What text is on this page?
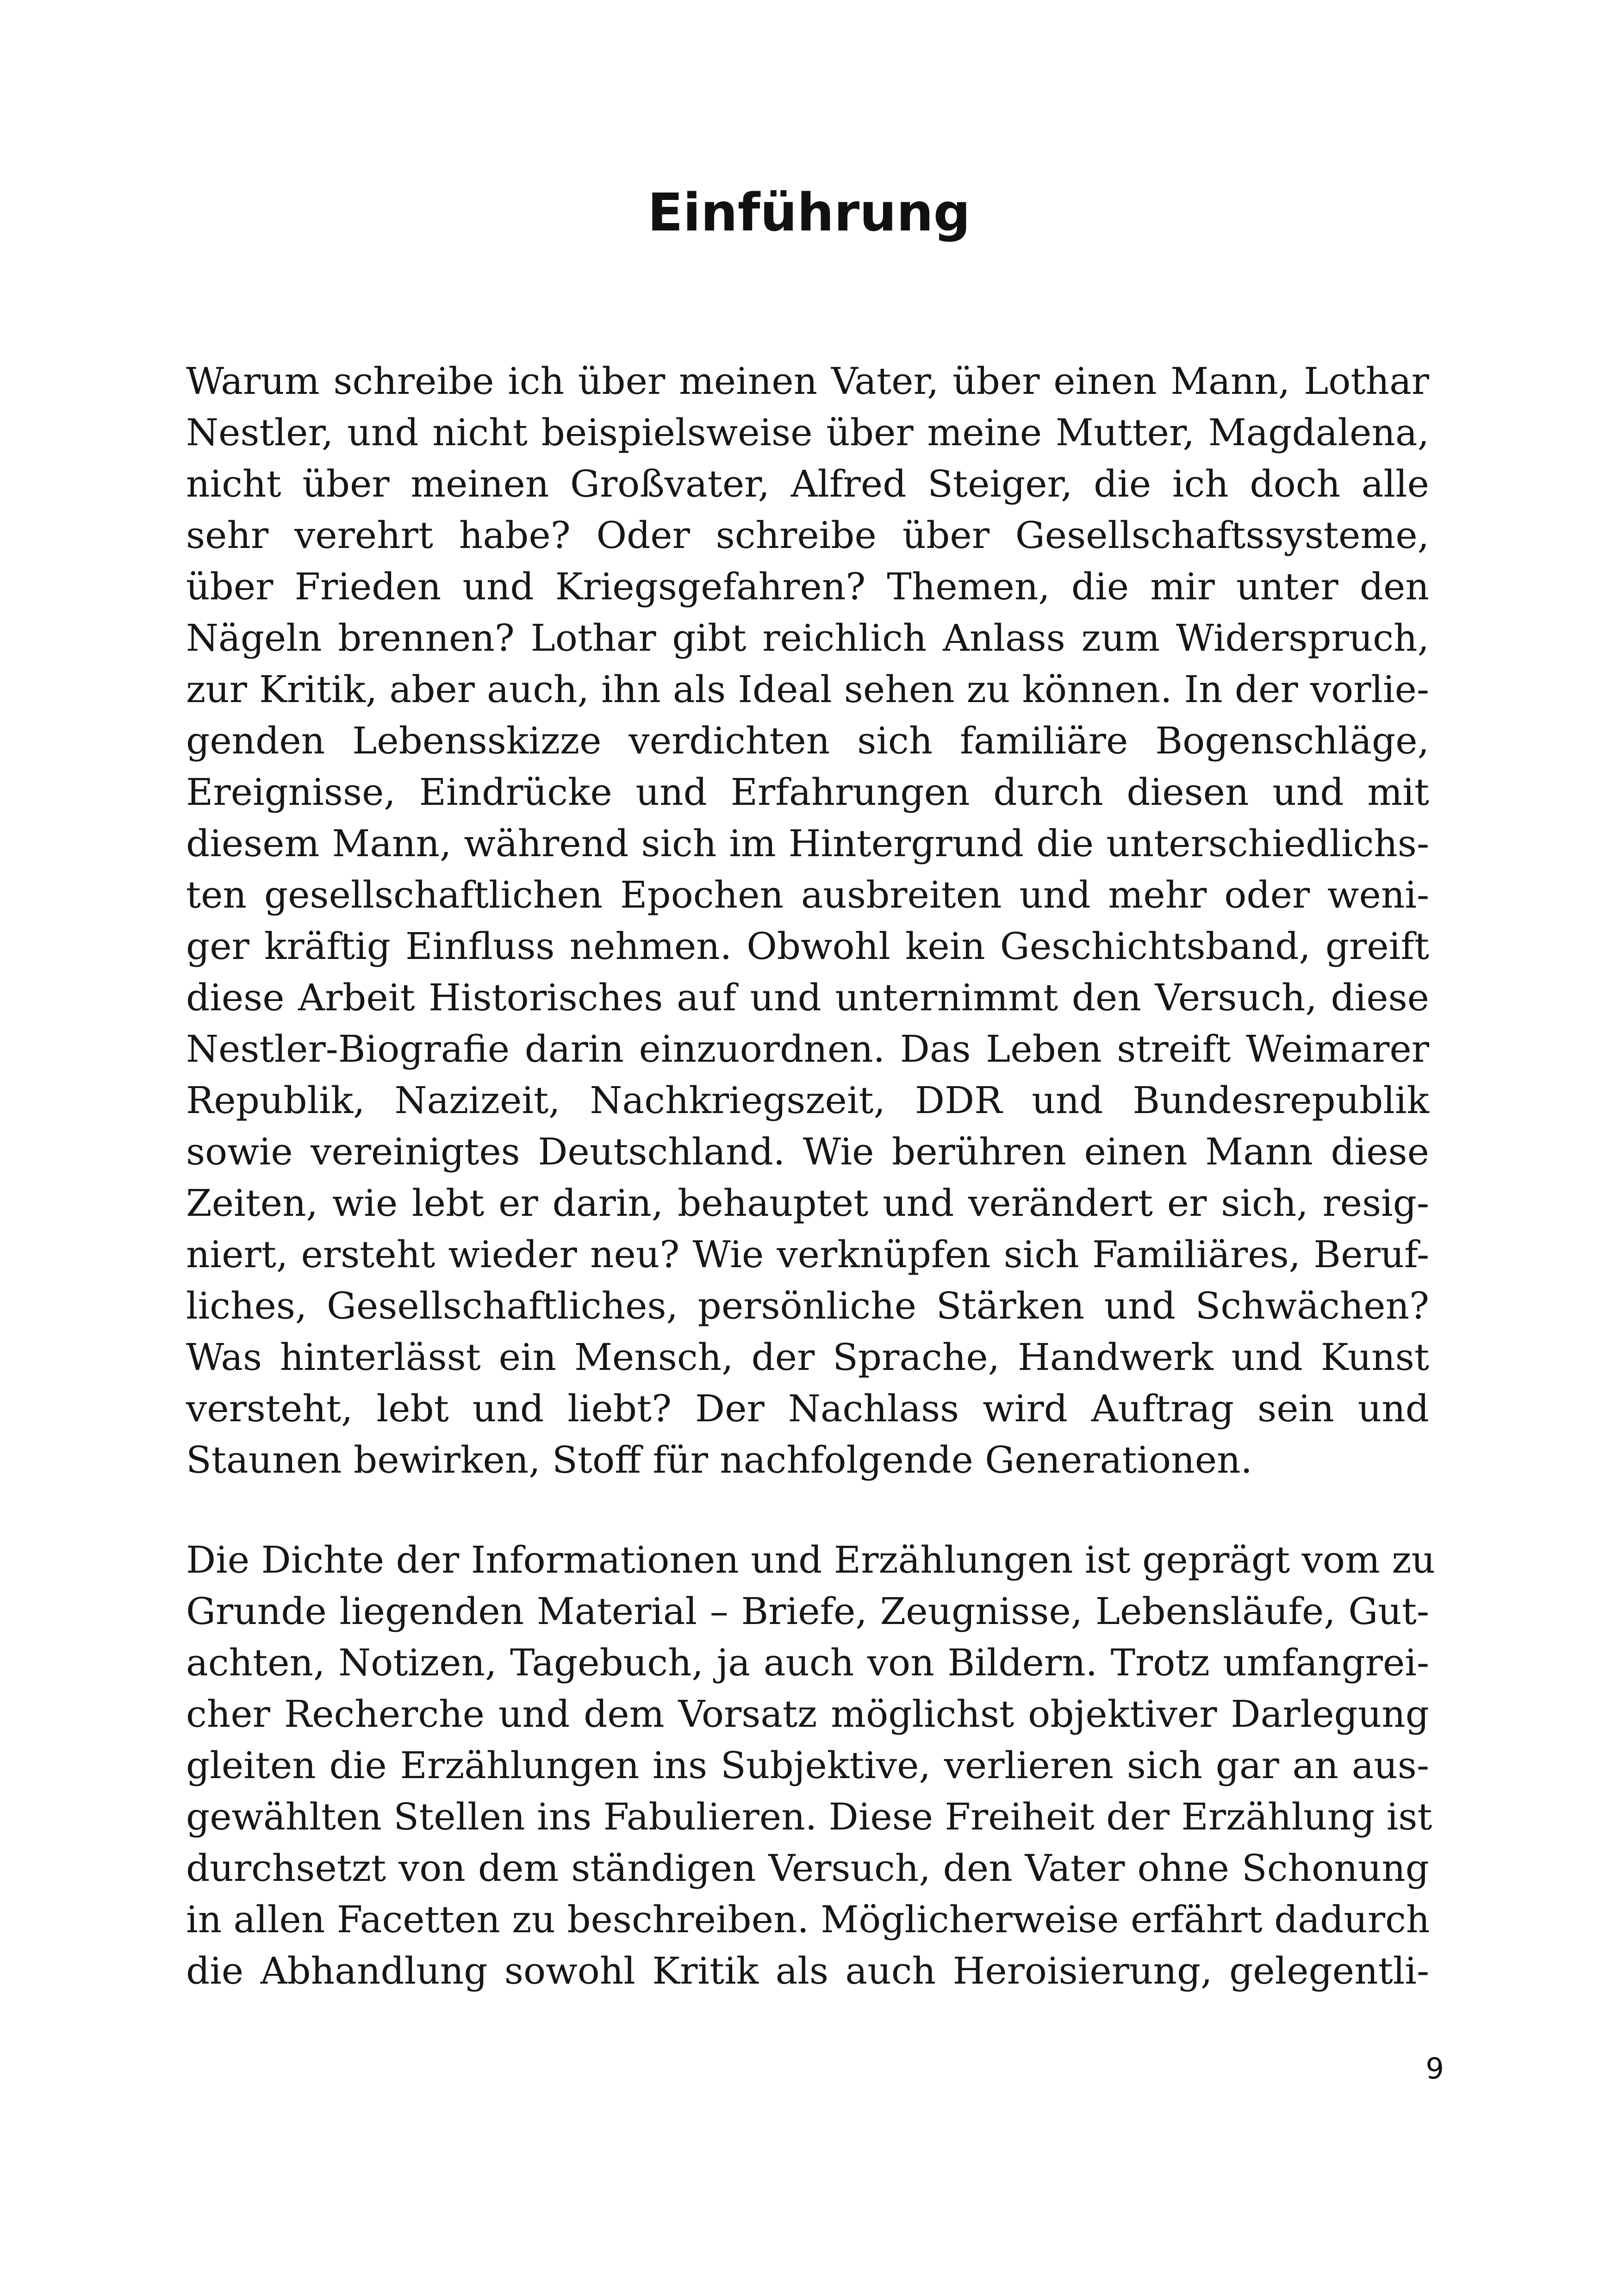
Einführung
Warum schreibe ich über meinen Vater, über einen Mann, Lothar
Nestler, und nicht beispielsweise über meine Mutter, Magdalena,
nicht über meinen Großvater, Alfred Steiger, die ich doch alle
sehr verehrt habe? Oder schreibe über Gesellschaftssysteme,
über Frieden und Kriegsgefahren? Themen, die mir unter den
Nägeln brennen? Lothar gibt reichlich Anlass zum Widerspruch,
zur Kritik, aber auch, ihn als Ideal sehen zu können. In der vorlie-
genden Lebensskizze verdichten sich familiäre Bogenschläge,
Ereignisse, Eindrücke und Erfahrungen durch diesen und mit
diesem Mann, während sich im Hintergrund die unterschiedlichs-
ten gesellschaftlichen Epochen ausbreiten und mehr oder weni-
ger kräftig Einfluss nehmen. Obwohl kein Geschichtsband, greift
diese Arbeit Historisches auf und unternimmt den Versuch, diese
Nestler-Biografie darin einzuordnen. Das Leben streift Weimarer
Republik, Nazizeit, Nachkriegszeit, DDR und Bundesrepublik
sowie vereinigtes Deutschland. Wie berühren einen Mann diese
Zeiten, wie lebt er darin, behauptet und verändert er sich, resig-
niert, ersteht wieder neu? Wie verknüpfen sich Familiäres, Beruf-
liches, Gesellschaftliches, persönliche Stärken und Schwächen?
Was hinterlässt ein Mensch, der Sprache, Handwerk und Kunst
versteht, lebt und liebt? Der Nachlass wird Auftrag sein und
Staunen bewirken, Stoff für nachfolgende Generationen.
Die Dichte der Informationen und Erzählungen ist geprägt vom zu
Grunde liegenden Material – Briefe, Zeugnisse, Lebensläufe, Gut-
achten, Notizen, Tagebuch, ja auch von Bildern. Trotz umfangrei-
cher Recherche und dem Vorsatz möglichst objektiver Darlegung
gleiten die Erzählungen ins Subjektive, verlieren sich gar an aus-
gewählten Stellen ins Fabulieren. Diese Freiheit der Erzählung ist
durchsetzt von dem ständigen Versuch, den Vater ohne Schonung
in allen Facetten zu beschreiben. Möglicherweise erfährt dadurch
die Abhandlung sowohl Kritik als auch Heroisierung, gelegentli-
9
